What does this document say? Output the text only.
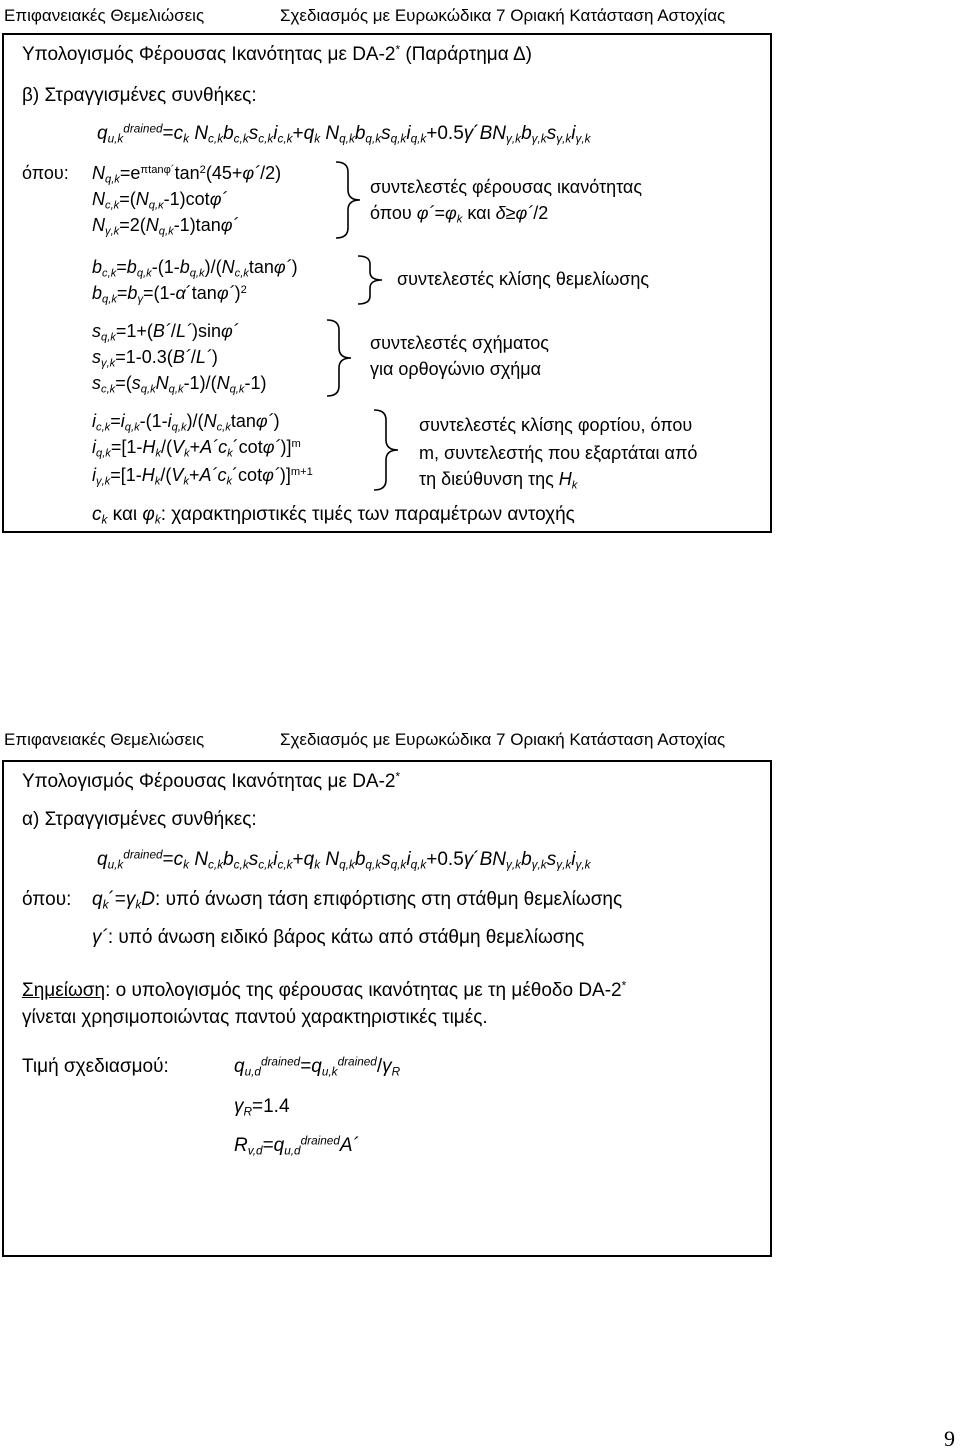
Επιφανειακές Θεμελιώσεις	Σχεδιασμός με Ευρωκώδικα 7 Οριακή Κατάσταση Αστοχίας
Υπολογισμός Φέρουσας Ικανότητας με DA-2* (Παράρτημα Δ)
β) Στραγγισμένες συνθήκες:
$q_{u,k}^{drained}=c_k$ $N_{c,k}b_{c,k}s_{c,k}i_{c,k}+q_k$ $N_{q,k}b_{q,k}s_{q,k}i_{q,k}+0.5\gamma´BN_{\gamma,k}b_{\gamma,k}s_{\gamma,k}i_{\gamma,k}$
όπου: $N_{q,k}=e^{\pi tan\varphi´}\tan^2(45+\varphi´/2)$
$N_{c,k}=(N_{q,\kappa}-1)\cot\varphi´$
$N_{\gamma,k}=2(N_{q,k}-1)\tan\varphi´$
συντελεστές φέρουσας ικανότητας
όπου $\varphi´=\varphi_k$ και δ≥φ´/2
$b_{c,k}=b_{q,k}-(1-b_{q,k})/(N_{c,k}\tan\varphi´)$
$b_{q,k}=b_\gamma=(1-\alpha´\tan\varphi´)^2$
συντελεστές κλίσης θεμελίωσης
$s_{q,k}=1+(B´/L´)\sin\varphi´$
$s_{\gamma,k}=1-0.3(B´/L´)$
$s_{c,k}=(s_{q,k}N_{q,k}-1)/(N_{q,k}-1)$
συντελεστές σχήματος
για ορθογώνιο σχήμα
$i_{c,k}=i_{q,k}-(1-i_{q,k})/(N_{c,k}\tan\varphi´)$
$i_{q,k}=[1-H_k/(V_k+A´c_k´\cot\varphi´)]^m$
$i_{\gamma,k}=[1-H_k/(V_k+A´c_k´\cot\varphi´)]^{m+1}$
συντελεστές κλίσης φορτίου, όπου
m, συντελεστής που εξαρτάται από
τη διεύθυνση της $H_k$
$c_k$ και $\varphi_k$: χαρακτηριστικές τιμές των παραμέτρων αντοχής
Επιφανειακές Θεμελιώσεις	Σχεδιασμός με Ευρωκώδικα 7 Οριακή Κατάσταση Αστοχίας
Υπολογισμός Φέρουσας Ικανότητας με DA-2*
α) Στραγγισμένες συνθήκες:
$q_{u,k}^{drained}=c_k$ $N_{c,k}b_{c,k}s_{c,k}i_{c,k}+q_k$ $N_{q,k}b_{q,k}s_{q,k}i_{q,k}+0.5\gamma´BN_{\gamma,k}b_{\gamma,k}s_{\gamma,k}i_{\gamma,k}$
όπου: $q_k´=\gamma_kD$: υπό άνωση τάση επιφόρτισης στη στάθμη θεμελίωσης
γ´: υπό άνωση ειδικό βάρος κάτω από στάθμη θεμελίωσης
Σημείωση: ο υπολογισμός της φέρουσας ικανότητας με τη μέθοδο DA-2*
γίνεται χρησιμοποιώντας παντού χαρακτηριστικές τιμές.
Τιμή σχεδιασμού:	$q_{u,d}^{drained}=q_{u,k}^{drained}/\gamma_R$
$\gamma_R=1.4$
$R_{v,d}=q_{u,d}^{drained}A´$
9
